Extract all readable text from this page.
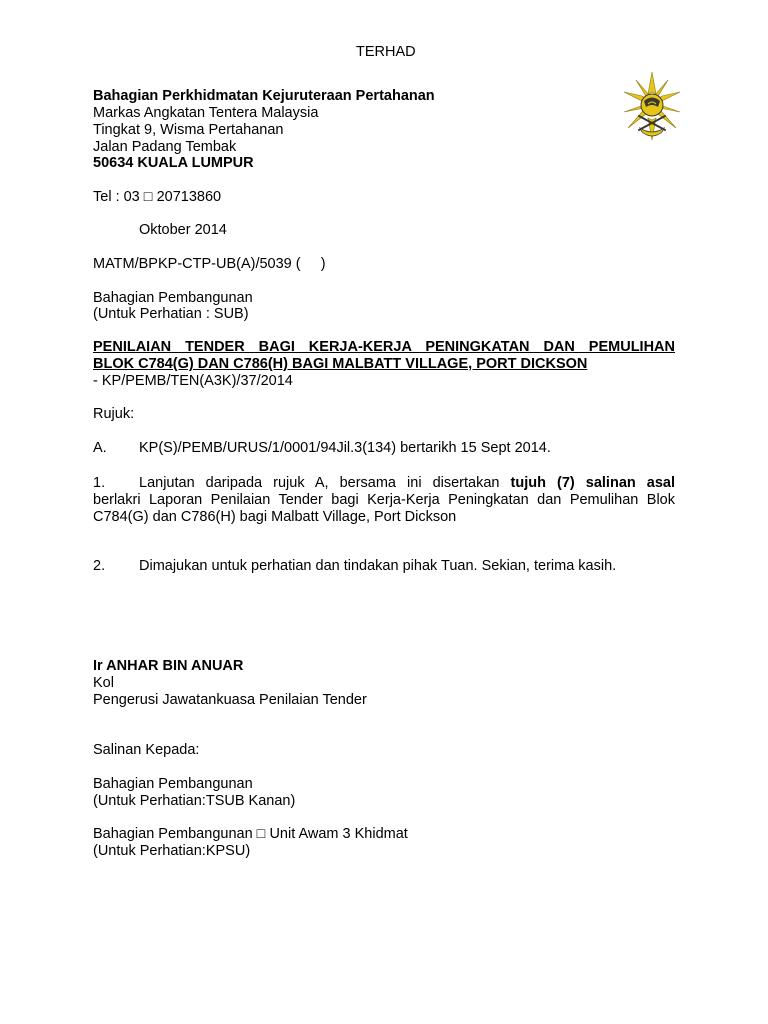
TERHAD
Bahagian Perkhidmatan Kejuruteraan Pertahanan
Markas Angkatan Tentera Malaysia
Tingkat 9, Wisma Pertahanan
Jalan Padang Tembak
50634 KUALA LUMPUR
Tel : 03 □ 20713860
Oktober 2014
MATM/BPKP-CTP-UB(A)/5039 (     )
Bahagian Pembangunan
(Untuk Perhatian : SUB)
PENILAIAN TENDER BAGI KERJA-KERJA PENINGKATAN DAN PEMULIHAN
BLOK C784(G) DAN C786(H) BAGI MALBATT VILLAGE, PORT DICKSON
- KP/PEMB/TEN(A3K)/37/2014
Rujuk:
A. KP(S)/PEMB/URUS/1/0001/94Jil.3(134) bertarikh 15 Sept 2014.
1. Lanjutan daripada rujuk A, bersama ini disertakan tujuh (7) salinan asal
berlakri Laporan Penilaian Tender bagi Kerja-Kerja Peningkatan dan Pemulihan Blok C784(G) dan C786(H) bagi Malbatt Village, Port Dickson
2. Dimajukan untuk perhatian dan tindakan pihak Tuan. Sekian, terima kasih.
Ir ANHAR BIN ANUAR
Kol
Pengerusi Jawatankuasa Penilaian Tender
Salinan Kepada:
Bahagian Pembangunan
(Untuk Perhatian:TSUB Kanan)
Bahagian Pembangunan □ Unit Awam 3 Khidmat
(Untuk Perhatian:KPSU)
